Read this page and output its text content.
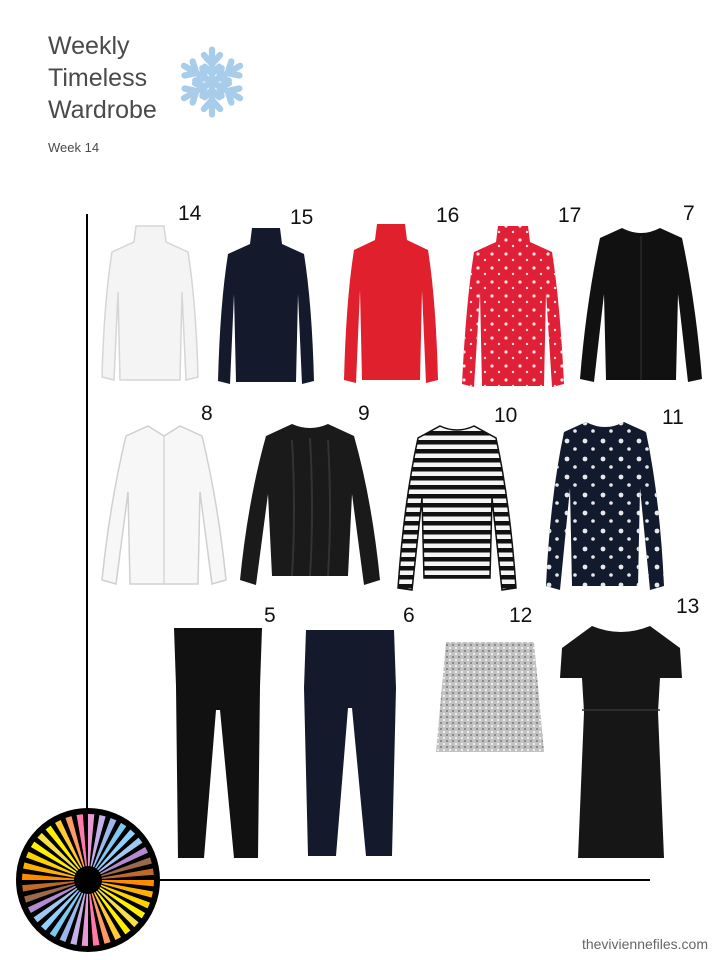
Weekly
Timeless
Wardrobe
Week 14
14	15	16	17	7
8	9	10	11
5	6	12	13
theviviennefiles.com
